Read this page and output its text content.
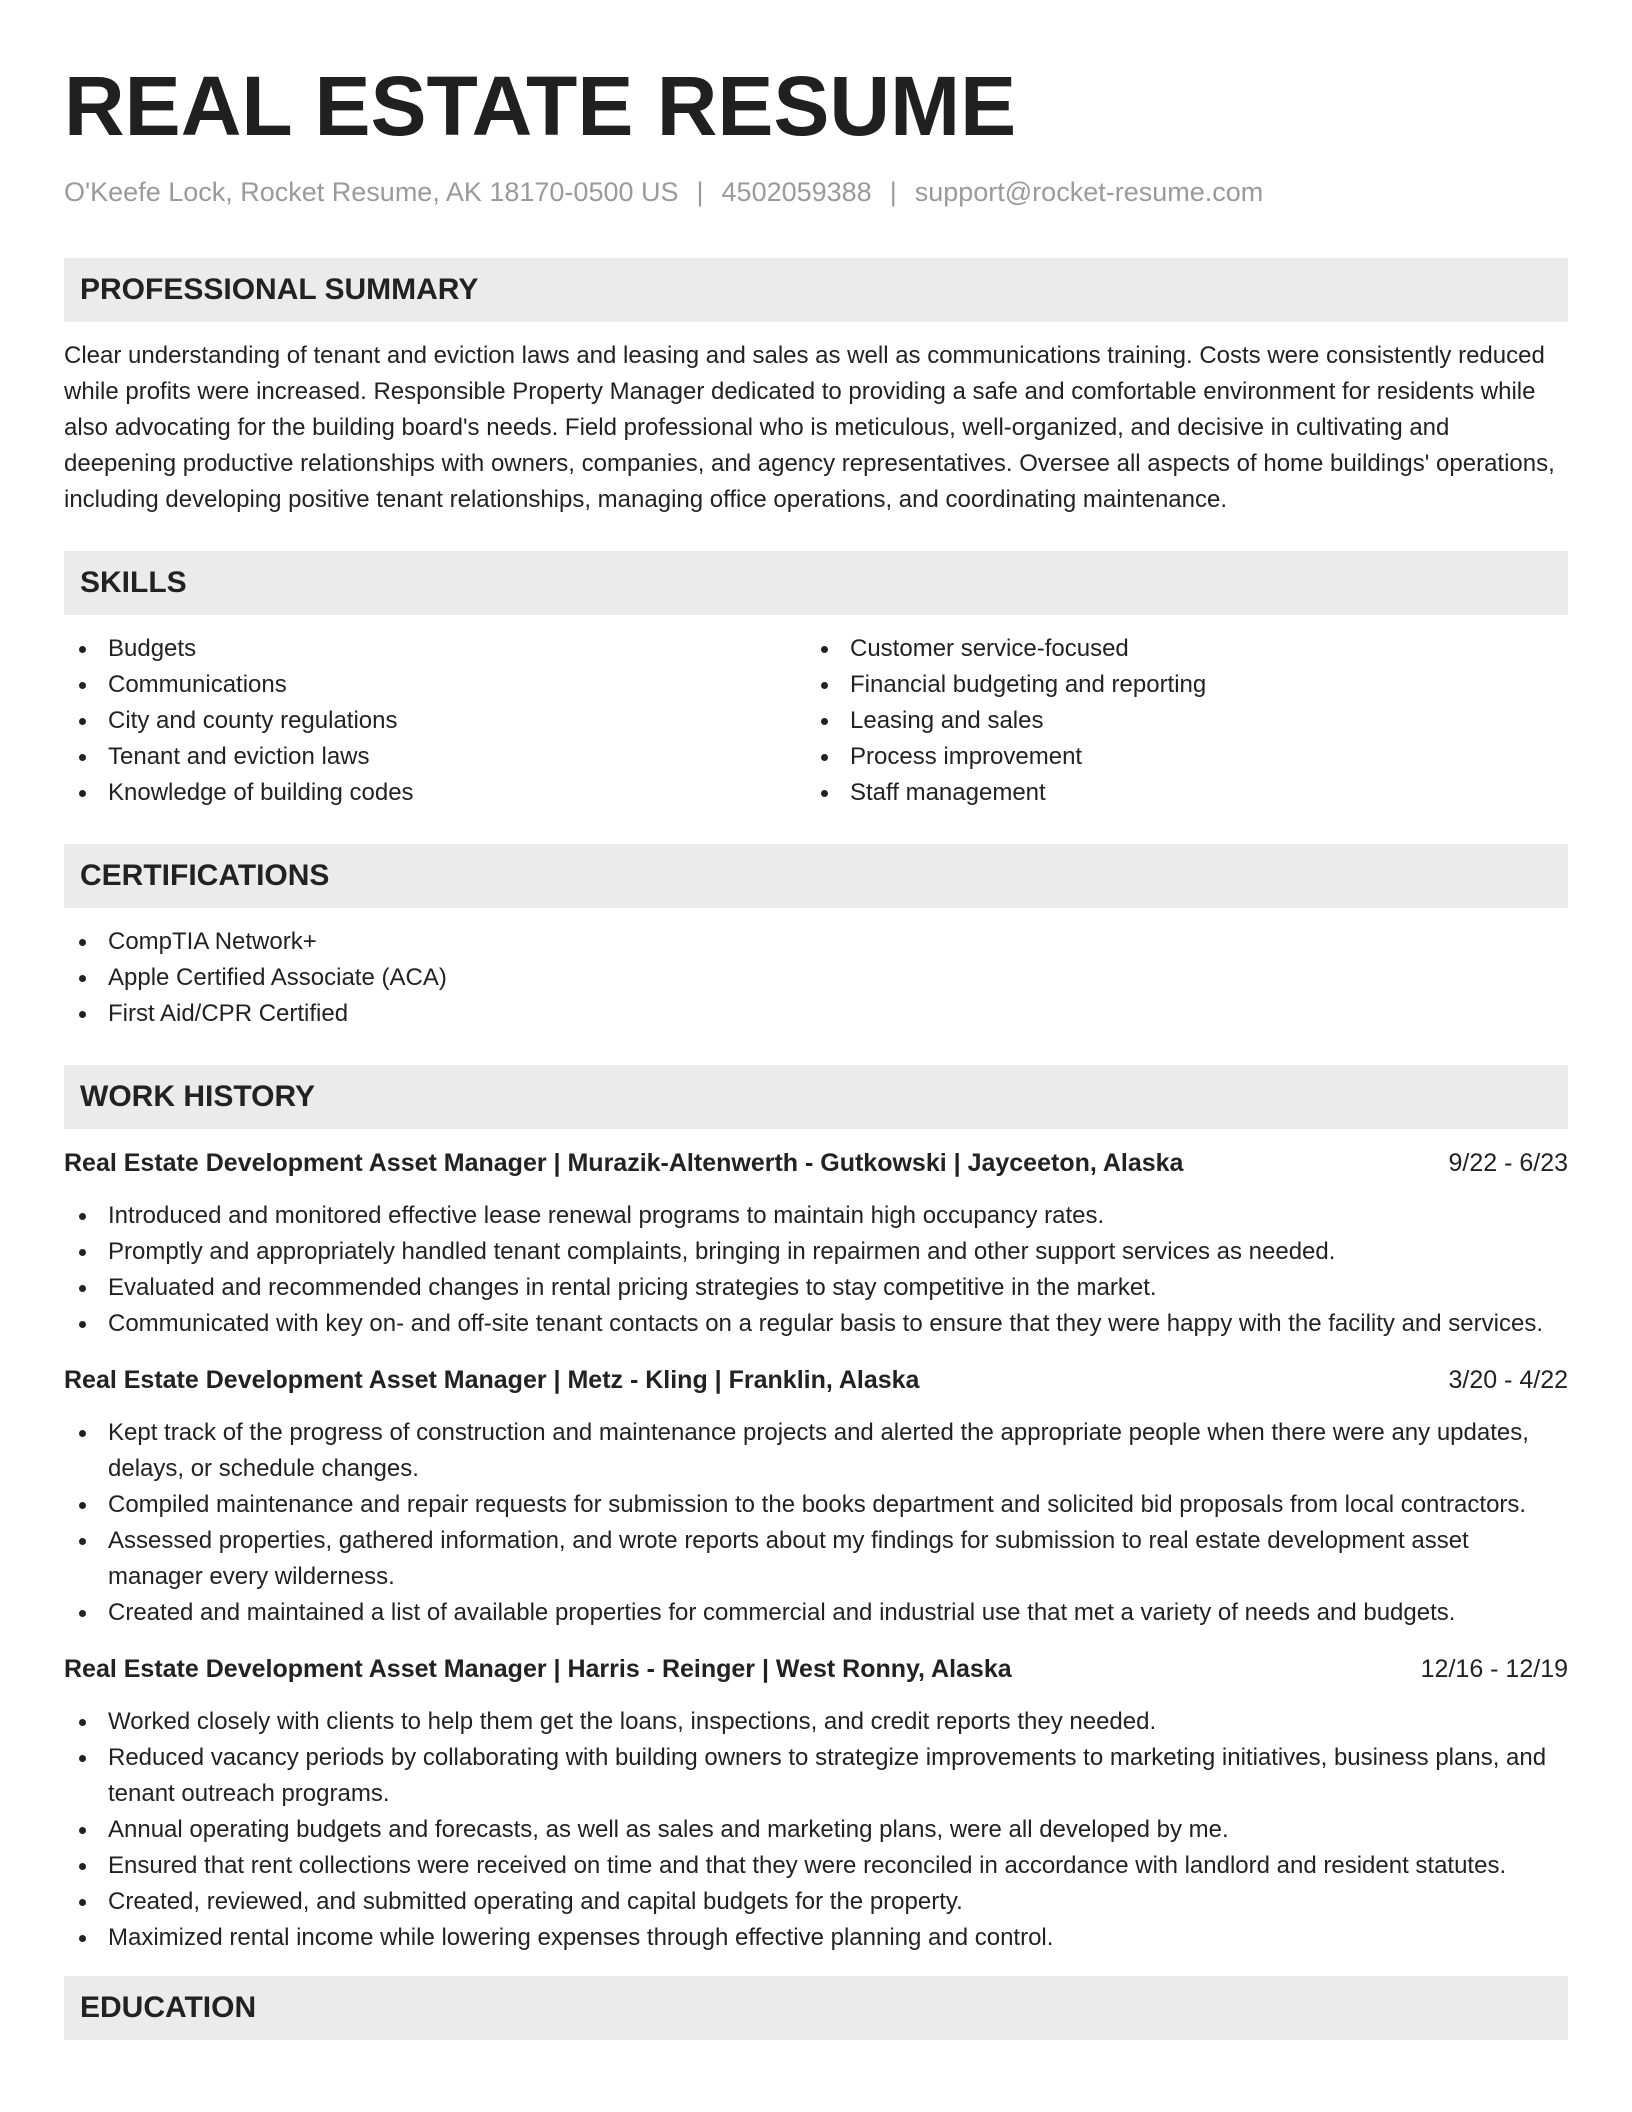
REAL ESTATE RESUME
O'Keefe Lock, Rocket Resume, AK 18170-0500 US | 4502059388 | support@rocket-resume.com
PROFESSIONAL SUMMARY

Clear understanding of tenant and eviction laws and leasing and sales as well as communications training. Costs were consistently reduced while profits were increased. Responsible Property Manager dedicated to providing a safe and comfortable environment for residents while also advocating for the building board's needs. Field professional who is meticulous, well-organized, and decisive in cultivating and deepening productive relationships with owners, companies, and agency representatives. Oversee all aspects of home buildings' operations, including developing positive tenant relationships, managing office operations, and coordinating maintenance.

SKILLS
Budgets
Communications
City and county regulations
Tenant and eviction laws
Knowledge of building codes
Customer service-focused
Financial budgeting and reporting
Leasing and sales
Process improvement
Staff management
CERTIFICATIONS
CompTIA Network+
Apple Certified Associate (ACA)
First Aid/CPR Certified
WORK HISTORY
Real Estate Development Asset Manager | Murazik-Altenwerth - Gutkowski | Jayceeton, Alaska	9/22 - 6/23
Introduced and monitored effective lease renewal programs to maintain high occupancy rates.
Promptly and appropriately handled tenant complaints, bringing in repairmen and other support services as needed.
Evaluated and recommended changes in rental pricing strategies to stay competitive in the market.
Communicated with key on- and off-site tenant contacts on a regular basis to ensure that they were happy with the facility and services.
Real Estate Development Asset Manager | Metz - Kling | Franklin, Alaska	3/20 - 4/22
Kept track of the progress of construction and maintenance projects and alerted the appropriate people when there were any updates, delays, or schedule changes.
Compiled maintenance and repair requests for submission to the books department and solicited bid proposals from local contractors.
Assessed properties, gathered information, and wrote reports about my findings for submission to real estate development asset manager every wilderness.
Created and maintained a list of available properties for commercial and industrial use that met a variety of needs and budgets.
Real Estate Development Asset Manager | Harris - Reinger | West Ronny, Alaska	12/16 - 12/19
Worked closely with clients to help them get the loans, inspections, and credit reports they needed.
Reduced vacancy periods by collaborating with building owners to strategize improvements to marketing initiatives, business plans, and tenant outreach programs.
Annual operating budgets and forecasts, as well as sales and marketing plans, were all developed by me.
Ensured that rent collections were received on time and that they were reconciled in accordance with landlord and resident statutes.
Created, reviewed, and submitted operating and capital budgets for the property.
Maximized rental income while lowering expenses through effective planning and control.
EDUCATION
